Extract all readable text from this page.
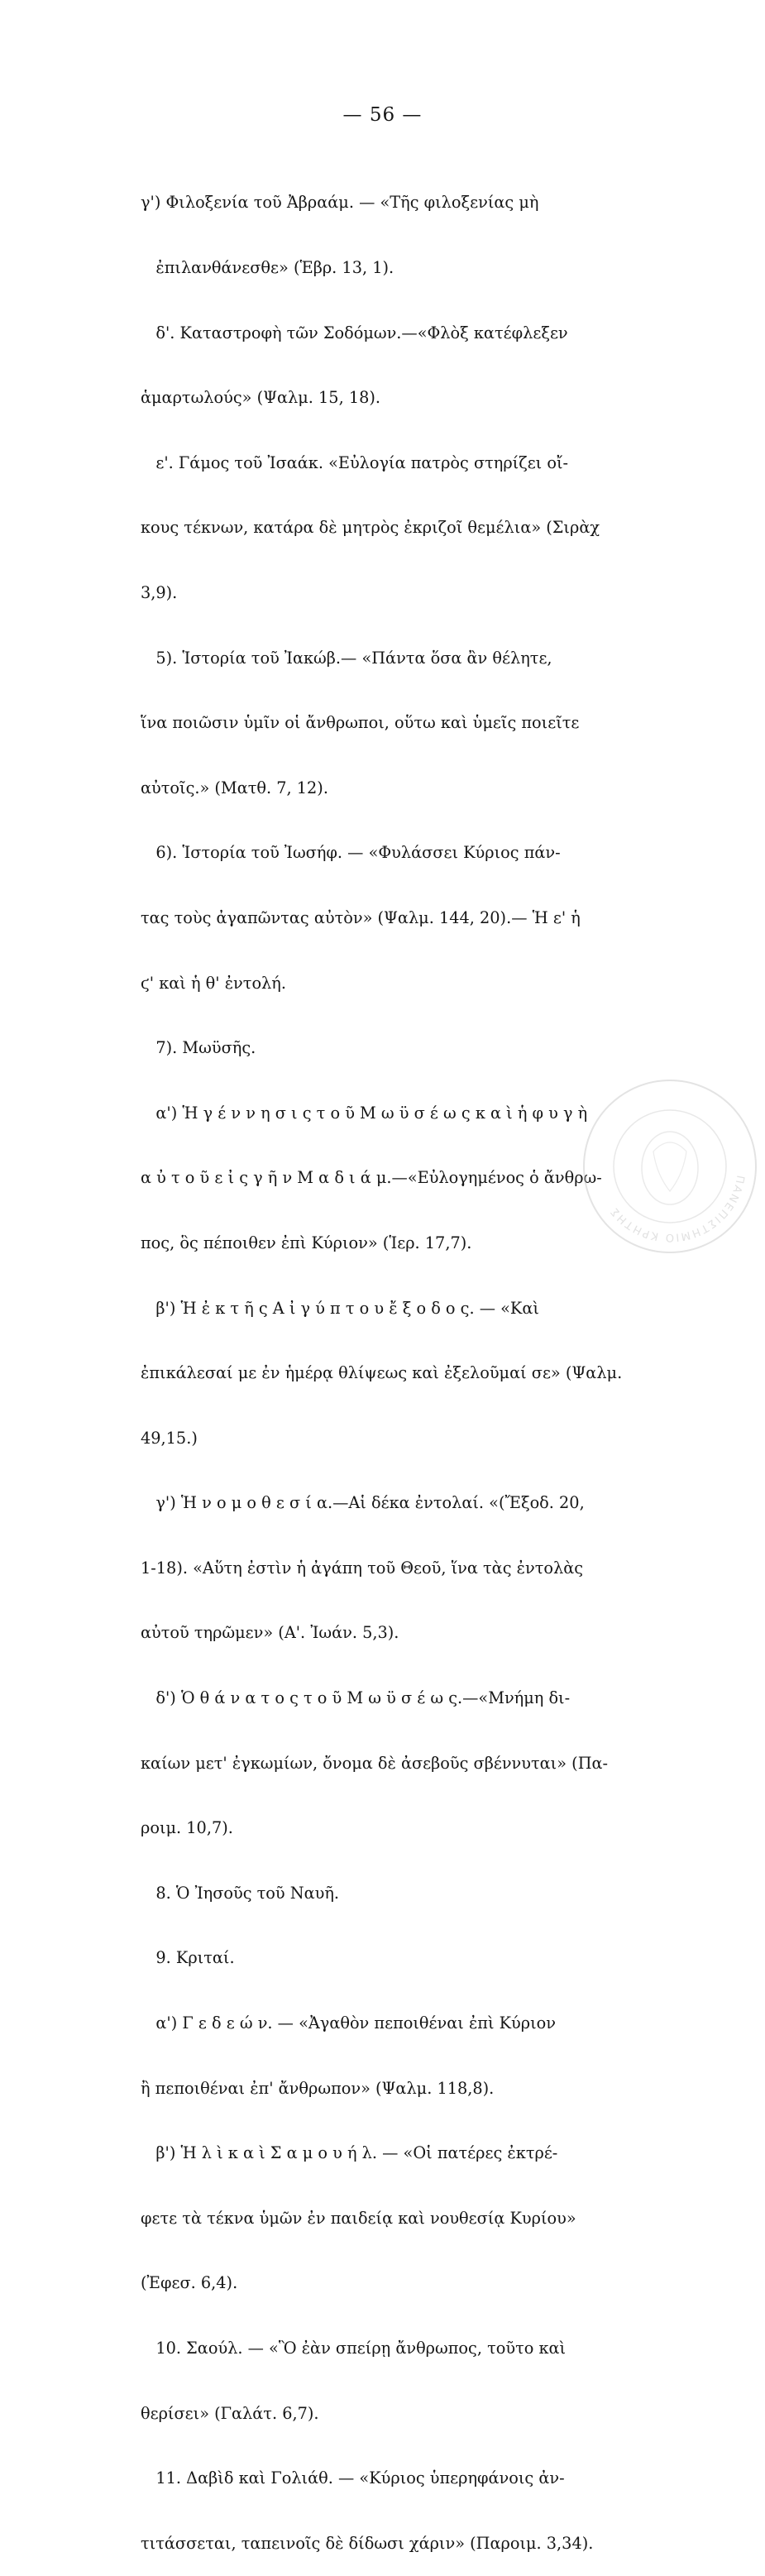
— 56 —

γ') Φιλοξενία τοῦ Ἀβραάμ. — «Τῆς φιλοξενίας μὴ

ἐπιλανθάνεσθε» (Ἑβρ. 13, 1).

δ'. Καταστροφὴ τῶν Σοδόμων.—«Φλὸξ κατέφλεξεν

ἁμαρτωλούς» (Ψαλμ. 15, 18).

ε'. Γάμος τοῦ Ἰσαάκ. «Εὐλογία πατρὸς στηρίζει οἴ-

κους τέκνων, κατάρα δὲ μητρὸς ἐκριζοῖ θεμέλια» (Σιρὰχ

3,9).

5). Ἱστορία τοῦ Ἰακώβ.— «Πάντα ὅσα ἂν θέλητε,

ἵνα ποιῶσιν ὑμῖν οἱ ἄνθρωποι, οὕτω καὶ ὑμεῖς ποιεῖτε

αὐτοῖς.» (Ματθ. 7, 12).

6). Ἱστορία τοῦ Ἰωσήφ. — «Φυλάσσει Κύριος πάν-

τας τοὺς ἀγαπῶντας αὐτὸν» (Ψαλμ. 144, 20).— Ἡ ε' ἡ

ϛ' καὶ ἡ θ' ἐντολή.

7). Μωϋσῆς.

α') Ἡ γ έ ν ν η σ ι ς τ ο ῦ Μ ω ϋ σ έ ω ς κ α ὶ ἡ φ υ γ ὴ

α ὐ τ ο ῦ ε ἰ ς γ ῆ ν Μ α δ ι ά μ.—«Εὐλογημένος ὁ ἄνθρω-

πος, ὃς πέποιθεν ἐπὶ Κύριον» (Ἱερ. 17,7).

β') Ἡ ἐ κ τ ῆ ς Α ἰ γ ύ π τ ο υ ἔ ξ ο δ ο ς. — «Καὶ

ἐπικάλεσαί με ἐν ἡμέρᾳ θλίψεως καὶ ἐξελοῦμαί σε» (Ψαλμ.

49,15.)

γ') Ἡ ν ο μ ο θ ε σ ί α.—Αἱ δέκα ἐντολαί. «(Ἔξοδ. 20,

1-18). «Αὕτη ἐστὶν ἡ ἀγάπη τοῦ Θεοῦ, ἵνα τὰς ἐντολὰς

αὐτοῦ τηρῶμεν» (Α'. Ἰωάν. 5,3).

δ') Ὁ θ ά ν α τ ο ς τ ο ῦ Μ ω ϋ σ έ ω ς.—«Μνήμη δι-

καίων μετ' ἐγκωμίων, ὄνομα δὲ ἀσεβοῦς σβέννυται» (Πα-

ροιμ. 10,7).

8. Ὁ Ἰησοῦς τοῦ Ναυῆ.

9. Κριταί.

α') Γ ε δ ε ώ ν. — «Ἀγαθὸν πεποιθέναι ἐπὶ Κύριον

ἢ πεποιθέναι ἐπ' ἄνθρωπον» (Ψαλμ. 118,8).

β') Ἡ λ ὶ κ α ὶ Σ α μ ο υ ή λ. — «Οἱ πατέρες ἐκτρέ-

φετε τὰ τέκνα ὑμῶν ἐν παιδείᾳ καὶ νουθεσίᾳ Κυρίου»

(Ἐφεσ. 6,4).

10. Σαούλ. — «Ὃ ἐὰν σπείρῃ ἄνθρωπος, τοῦτο καὶ

θερίσει» (Γαλάτ. 6,7).

11. Δαβὶδ καὶ Γολιάθ. — «Κύριος ὑπερηφάνοις ἀν-

τιτάσσεται, ταπεινοῖς δὲ δίδωσι χάριν» (Παροιμ. 3,34).

ΠΑΝΕΠΙΣΤΗΜΙΟ ΚΡΗΤΗΣ
